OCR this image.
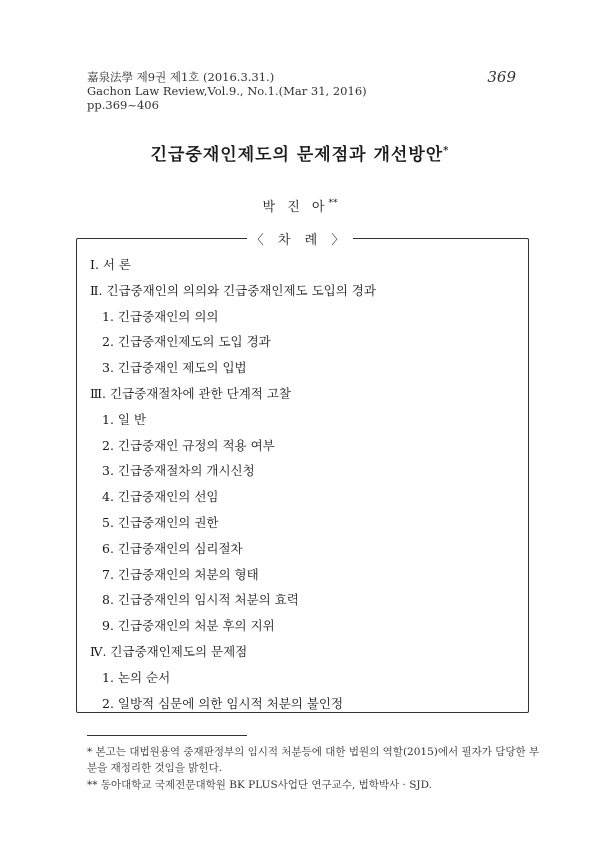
嘉泉法學 제9권 제1호 (2016.3.31.)
Gachon Law Review,Vol.9., No.1.(Mar 31, 2016)
pp.369~406
369
긴급중재인제도의 문제점과 개선방안*
박 진 아**
〈 차 례 〉
Ⅰ. 서 론
Ⅱ. 긴급중재인의 의의와 긴급중재인제도 도입의 경과
1. 긴급중재인의 의의
2. 긴급중재인제도의 도입 경과
3. 긴급중재인 제도의 입법
Ⅲ. 긴급중재절차에 관한 단계적 고찰
1. 일 반
2. 긴급중재인 규정의 적용 여부
3. 긴급중재절차의 개시신청
4. 긴급중재인의 선임
5. 긴급중재인의 권한
6. 긴급중재인의 심리절차
7. 긴급중재인의 처분의 형태
8. 긴급중재인의 임시적 처분의 효력
9. 긴급중재인의 처분 후의 지위
Ⅳ. 긴급중재인제도의 문제점
1. 논의 순서
2. 일방적 심문에 의한 임시적 처분의 불인정
* 본고는 대법원용역 중재판정부의 임시적 처분등에 대한 법원의 역할(2015)에서 필자가 담당한 부분을 재정리한 것임을 밝힌다.
** 동아대학교 국제전문대학원 BK PLUS사업단 연구교수, 법학박사 · SJD.
